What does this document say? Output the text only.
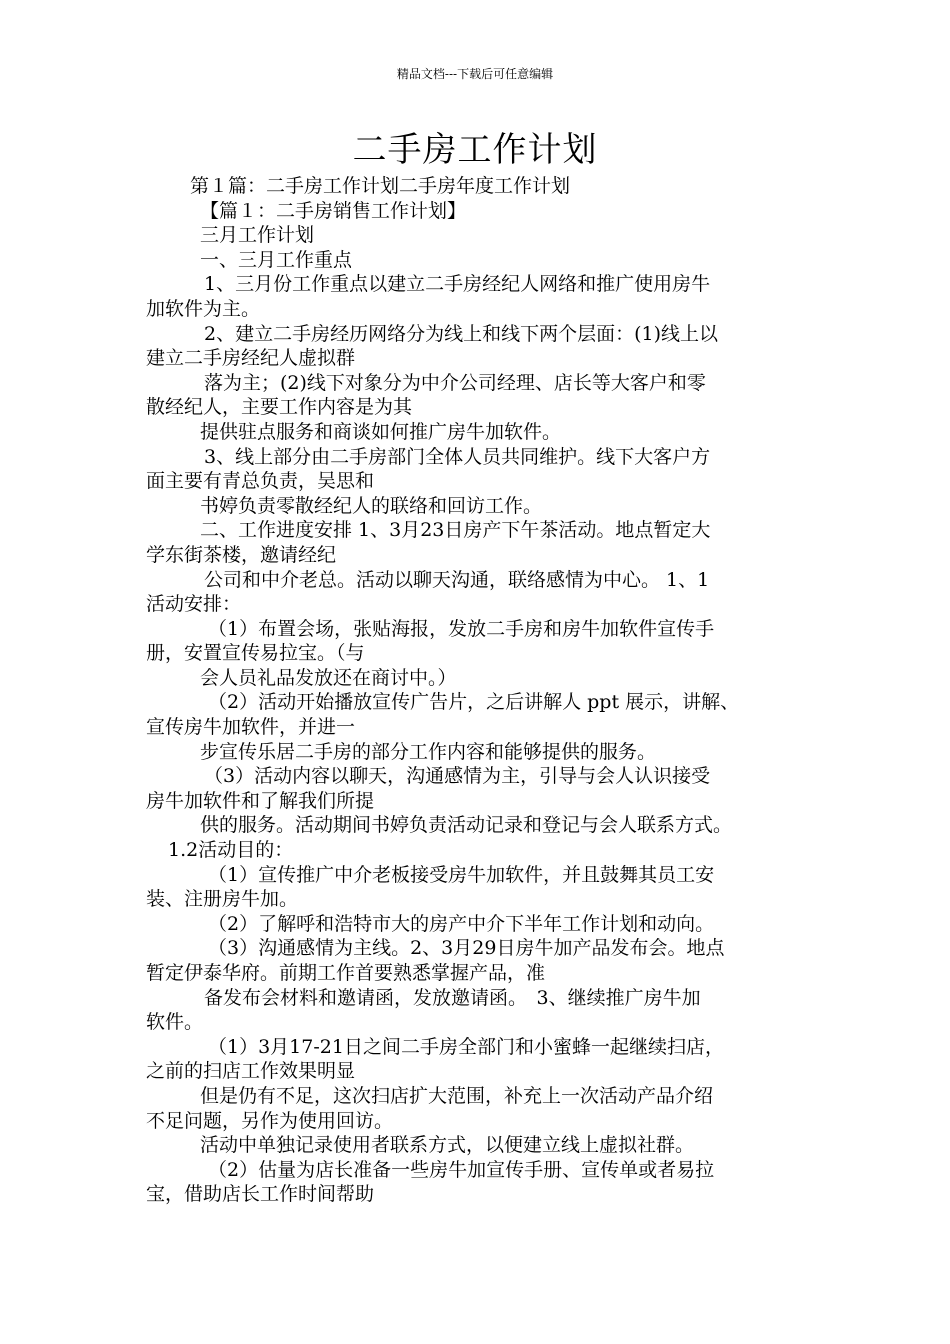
精品文档---下载后可任意编辑
二手房工作计划
第１篇：二手房工作计划二手房年度工作计划
【篇１：二手房销售工作计划】
三月工作计划
一、三月工作重点
1、三月份工作重点以建立二手房经纪人网络和推广使用房牛
加软件为主。
2、建立二手房经历网络分为线上和线下两个层面：(1)线上以
建立二手房经纪人虚拟群
落为主；(2)线下对象分为中介公司经理、店长等大客户和零
散经纪人，主要工作内容是为其
提供驻点服务和商谈如何推广房牛加软件。
3、线上部分由二手房部门全体人员共同维护。线下大客户方
面主要有青总负责，吴思和
书婷负责零散经纪人的联络和回访工作。
二、工作进度安排 1、3月23日房产下午茶活动。地点暂定大
学东街茶楼，邀请经纪
公司和中介老总。活动以聊天沟通，联络感情为中心。 1、1
活动安排：
（1）布置会场，张贴海报，发放二手房和房牛加软件宣传手
册，安置宣传易拉宝。（与
会人员礼品发放还在商讨中。）
（2）活动开始播放宣传广告片，之后讲解人 ppt 展示，讲解、
宣传房牛加软件，并进一
步宣传乐居二手房的部分工作内容和能够提供的服务。
（3）活动内容以聊天，沟通感情为主，引导与会人认识接受
房牛加软件和了解我们所提
供的服务。活动期间书婷负责活动记录和登记与会人联系方式。
1.2活动目的：
（1）宣传推广中介老板接受房牛加软件，并且鼓舞其员工安
装、注册房牛加。
（2）了解呼和浩特市大的房产中介下半年工作计划和动向。
（3）沟通感情为主线。2、3月29日房牛加产品发布会。地点
暂定伊泰华府。前期工作首要熟悉掌握产品，准
备发布会材料和邀请函，发放邀请函。　3、继续推广房牛加
软件。
（1）3月17-21日之间二手房全部门和小蜜蜂一起继续扫店，
之前的扫店工作效果明显
但是仍有不足，这次扫店扩大范围，补充上一次活动产品介绍
不足问题，另作为使用回访。
活动中单独记录使用者联系方式，以便建立线上虚拟社群。
（2）估量为店长准备一些房牛加宣传手册、宣传单或者易拉
宝，借助店长工作时间帮助
